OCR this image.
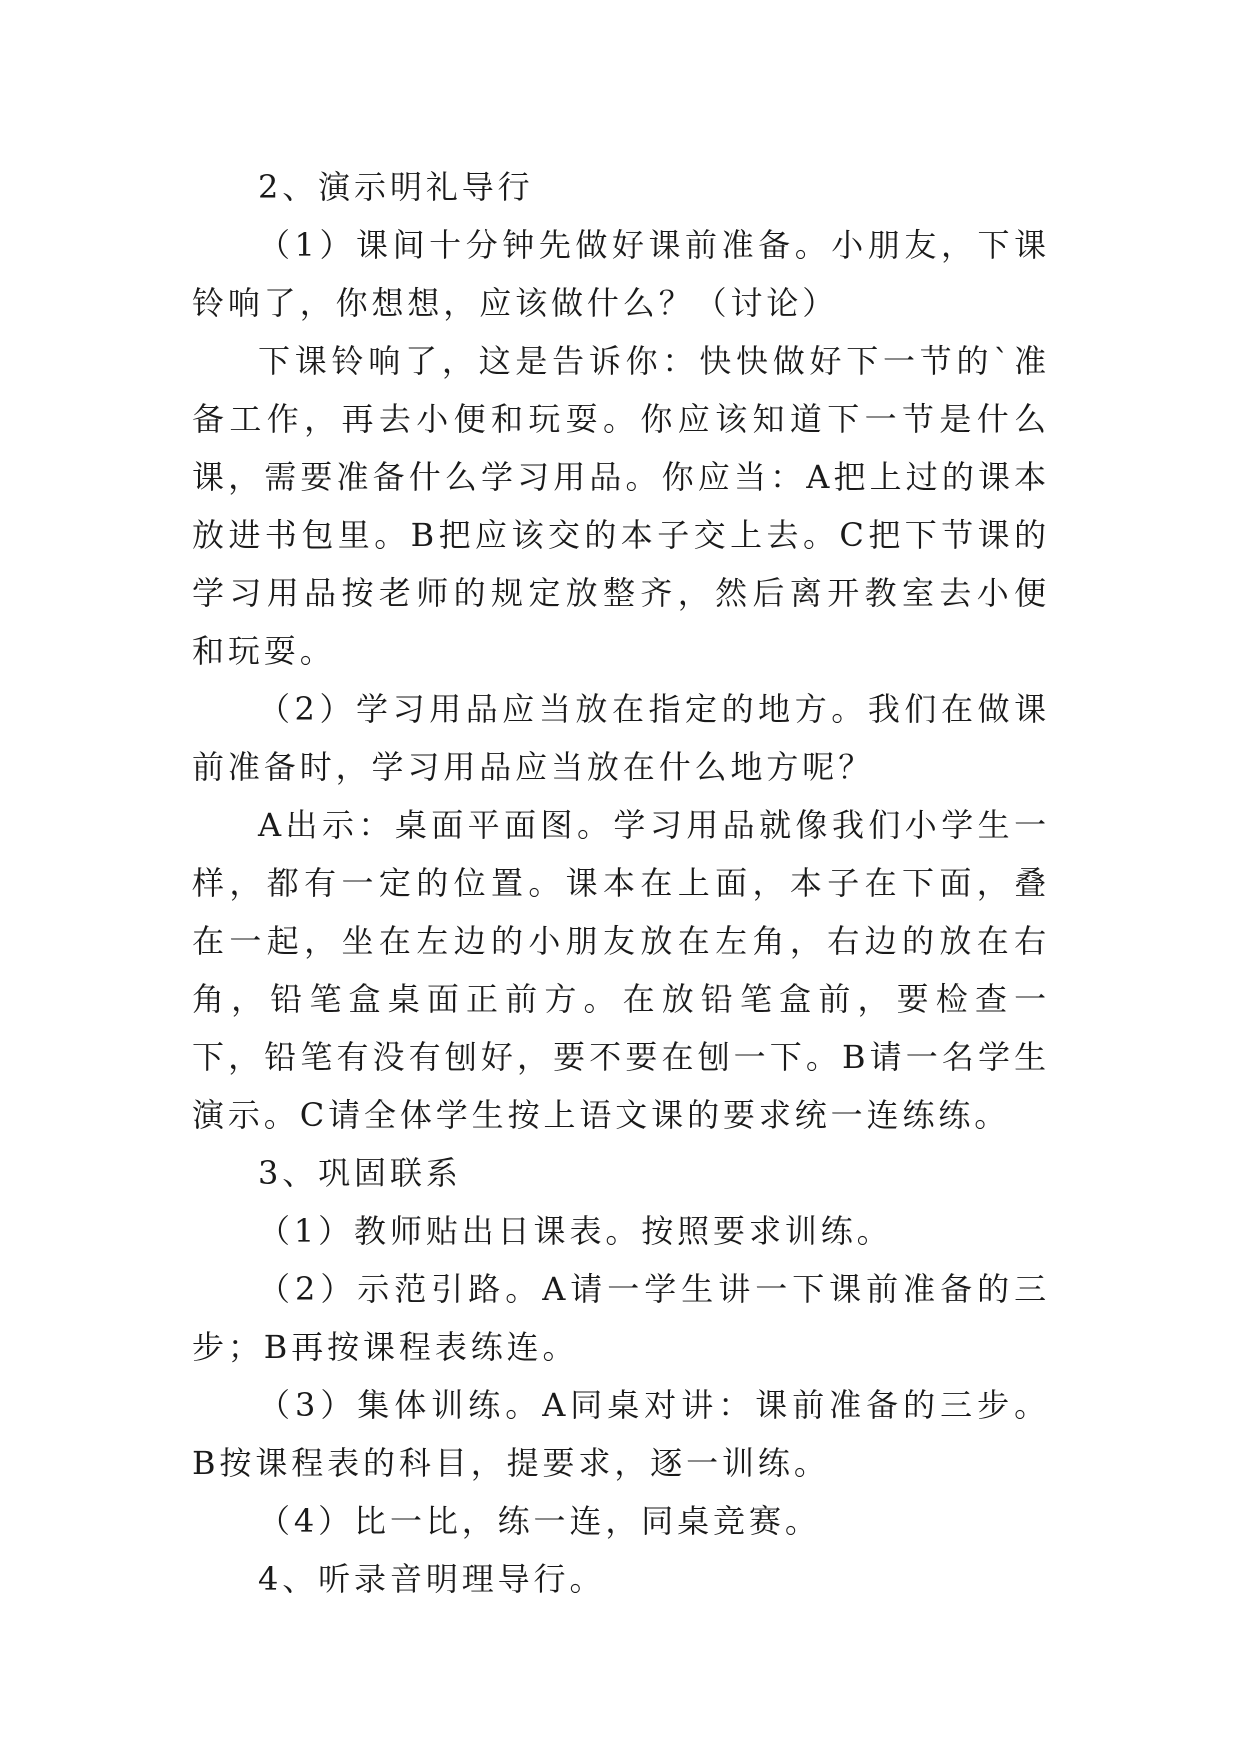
2、演示明礼导行

（1）课间十分钟先做好课前准备。小朋友，下课铃响了，你想想，应该做什么？（讨论）

下课铃响了，这是告诉你：快快做好下一节的`准备工作，再去小便和玩耍。你应该知道下一节是什么课，需要准备什么学习用品。你应当：A把上过的课本放进书包里。B把应该交的本子交上去。C把下节课的学习用品按老师的规定放整齐，然后离开教室去小便和玩耍。

（2）学习用品应当放在指定的地方。我们在做课前准备时，学习用品应当放在什么地方呢？

A出示：桌面平面图。学习用品就像我们小学生一样，都有一定的位置。课本在上面，本子在下面，叠在一起，坐在左边的小朋友放在左角，右边的放在右角，铅笔盒桌面正前方。在放铅笔盒前，要检查一下，铅笔有没有刨好，要不要在刨一下。B请一名学生演示。C请全体学生按上语文课的要求统一连练练。

3、巩固联系

（1）教师贴出日课表。按照要求训练。

（2）示范引路。A请一学生讲一下课前准备的三步；B再按课程表练连。

（3）集体训练。A同桌对讲：课前准备的三步。B按课程表的科目，提要求，逐一训练。

（4）比一比，练一连，同桌竞赛。

4、听录音明理导行。
